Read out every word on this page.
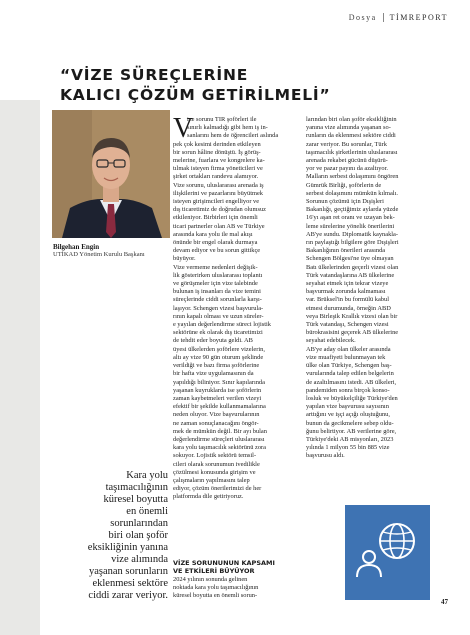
Dosya TİMREPORT
“VİZE SÜREÇLERİNE
KALICI ÇÖZÜM GETİRİLMELİ”
Bilgehan Engin
UTİKAD Yönetim Kurulu Başkanı
Kara yolu
taşımacılığının
küresel boyutta
en önemli
sorunlarından
biri olan şoför
eksikliğinin yanına
vize alımında
yaşanan sorunların
eklenmesi sektöre
ciddi zarar veriyor.
V
ize sorunu TIR şoförleri ile
sınırlı kalmadığı gibi hem iş in-
sanlarını hem de öğrencileri aslında
pek çok kesimi derinden etkileyen
bir sorun hâline dönüştü. İş görüş-
melerine, fuarlara ve kongrelere ka-
tılmak isteyen firma yöneticileri ve
şirket ortakları randevu alamıyor.
Vize sorunu, uluslararası arenada iş
ilişkilerini ve pazarlarını büyütmek
isteyen girişimcileri engelliyor ve
dış ticaretimiz de doğrudan olumsuz
etkileniyor. Birbirleri için önemli
ticari partnerler olan AB ve Türkiye
arasında kara yolu ile mal akışı
önünde bir engel olarak durmaya
devam ediyor ve bu sorun gittikçe
büyüyor.
Vize vermeme nedenleri değişik-
lik gösterirken uluslararası toplantı
ve görüşmeler için vize talebinde
bulunan iş insanları da vize temini
süreçlerinde ciddi sorunlarla karşı-
laşıyor. Schengen vizesi başvurula-
rının kapalı olması ve uzun süreler-
e yayılan değerlendirme süreci lojistik
sektörüne ek olarak dış ticaretimizi
de tehdit eder boyuta geldi. AB
üyesi ülkelerden şoförlere vizelerin,
altı ay vize 90 gün oturum şeklinde
verildiği ve bazı firma şoförlerine
bir hafta vize uygulamasının da
yapıldığı biliniyor. Sınır kapılarında
yaşanan kuyruklarda ise şoförlerin
zaman kaybetmeleri verilen vizeyi
efektif bir şekilde kullanmamalarına
neden oluyor. Vize başvurularının
ne zaman sonuçlanacağını öngör-
mek de mümkün değil. Bir ayı bulan
değerlendirme süreçleri uluslararası
kara yolu taşımacılık sektörünü zora
sokuyor. Lojistik sektörü temsil-
cileri olarak sorunumun ivedilikle
çözülmesi konusunda girişim ve
çalışmaların yapılmasını talep
ediyor, çözüm önerilerimizi de her
platformda dile getiriyoruz.
VİZE SORUNUNUN KAPSAMI
VE ETKİLERİ BÜYÜYOR
2024 yılının sonunda gelinen
noktada kara yolu taşımacılığının
küresel boyutta en önemli sorun-
larından biri olan şoför eksikliğinin
yanına vize alımında yaşanan so-
runların da eklenmesi sektöre ciddi
zarar veriyor. Bu sorunlar, Türk
taşımacılık şirketlerinin uluslararası
arenada rekabet gücünü düşürü-
yor ve pazar payını da azaltıyor.
Malların serbest dolaşımını öngören
Gümrük Birliği, şoförlerin de
serbest dolaşımını mümkün kılmalı.
Sorunun çözümü için Dışişleri
Bakanlığı, geçtiğimiz aylarda yüzde
16'yı aşan ret oranı ve uzayan bek-
leme sürelerine yönelik önerilerini
AB'ye sundu. Diplomatik kaynakla-
rın paylaştığı bilgilere göre Dışişleri
Bakanlığının önerileri arasında
Schengen Bölgesi'ne üye olmayan
Batı ülkelerinden geçerli vizesi olan
Türk vatandaşlarına AB ülkelerine
seyahat etmek için tekrar vizeye
başvurmak zorunda kalmaması
var. Brüksel'in bu formülü kabul
etmesi durumunda, örneğin ABD
veya Birleşik Krallık vizesi olan bir
Türk vatandaşı, Schengen vizesi
bürokrasisini geçerek AB ülkelerine
seyahat edebilecek.
AB'ye aday olan ülkeler arasında
vize muafiyeti bulunmayan tek
ülke olan Türkiye, Schengen baş-
vurularında talep edilen belgelerin
de azaltılmasını istedi. AB ülkeleri,
pandemiden sonra birçok konso-
losluk ve büyükelçiliğe Türkiye'den
yapılan vize başvurusu sayısının
arttığını ve işçi açığı oluştuğunu,
bunun da gecikmelere sebep oldu-
ğunu belirtiyor. AB verilerine göre,
Türkiye'deki AB misyonları, 2023
yılında 1 milyon 55 bin 885 vize
başvurusu aldı.
47
